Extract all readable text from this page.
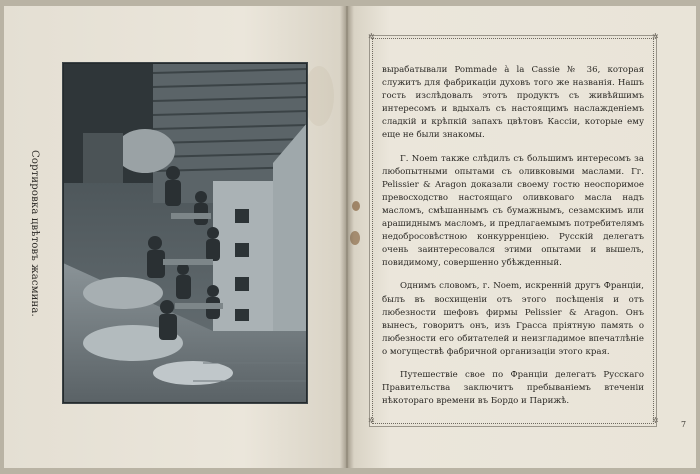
Сортировка цвѣтовъ жасмина.
✲	✲
✲	✲

вырабатывали Pommade à la Cassie № 36, которая служитъ для фабрикаціи духовъ того же названія. Нашъ гость изслѣдовалъ этотъ продуктъ съ живѣйшимъ интересомъ и вдыхалъ съ настоящимъ наслажденіемъ сладкій и крѣпкій запахъ цвѣтовъ Кассіи, которые ему еще не были знакомы.

Г. Noem также слѣдилъ съ большимъ интересомъ за любопытными опытами съ оливковыми маслами. Гг. Pelissier & Aragon доказали своему гостю неоспоримое превосходство настоящаго оливковаго масла надъ масломъ, смѣшаннымъ съ бумажнымъ, сезамскимъ или арашиднымъ масломъ, и предлагаемымъ потребителямъ недобросовѣстною конкурренціею. Русскій делегатъ очень заинтересовался этими опытами и вышелъ, повидимому, совершенно убѣжденный.

Однимъ словомъ, г. Noem, искренній другъ Франціи, былъ въ восхищеніи отъ этого посѣщенія и отъ любезности шефовъ фирмы Pelissier & Aragon. Онъ вынесъ, говоритъ онъ, изъ Грасса пріятную память о любезности его обитателей и неизгладимое впечатлѣніе о могуществѣ фабричной организаціи этого края.

Путешествіе свое по Франціи делегатъ Русскаго Правительства заключитъ пребываніемъ втеченіи нѣкотораго времени въ Бордо и Парижѣ.

7
